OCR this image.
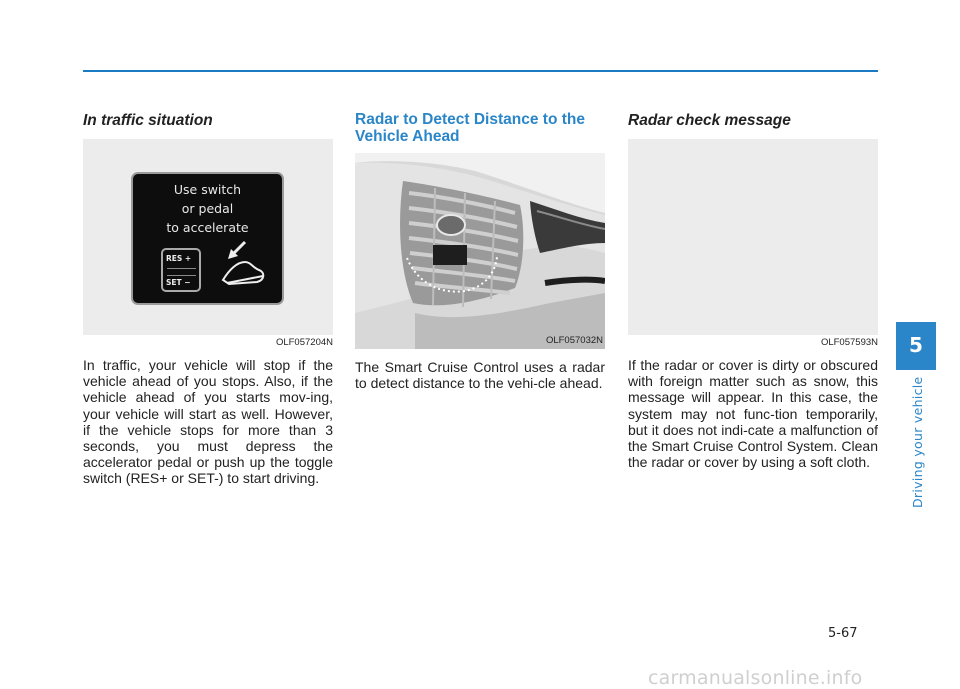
In traffic situation
Use switch
or pedal
to accelerate
RES +
SET −
OLF057204N
In traffic, your vehicle will stop if the vehicle ahead of you stops. Also, if the vehicle ahead of you starts mov-ing, your vehicle will start as well. However, if the vehicle stops for more than 3 seconds, you must depress the accelerator pedal or push up the toggle switch (RES+ or SET-) to start driving.
Radar to Detect Distance to the Vehicle Ahead
OLF057032N
The Smart Cruise Control uses a radar to detect distance to the vehi-cle ahead.
Radar check message
OLF057593N
If the radar or cover is dirty or obscured with foreign matter such as snow, this message will appear. In this case, the system may not func-tion temporarily, but it does not indi-cate a malfunction of the Smart Cruise Control System. Clean the radar or cover by using a soft cloth.
5
Driving your vehicle
5-67
carmanualsonline.info
